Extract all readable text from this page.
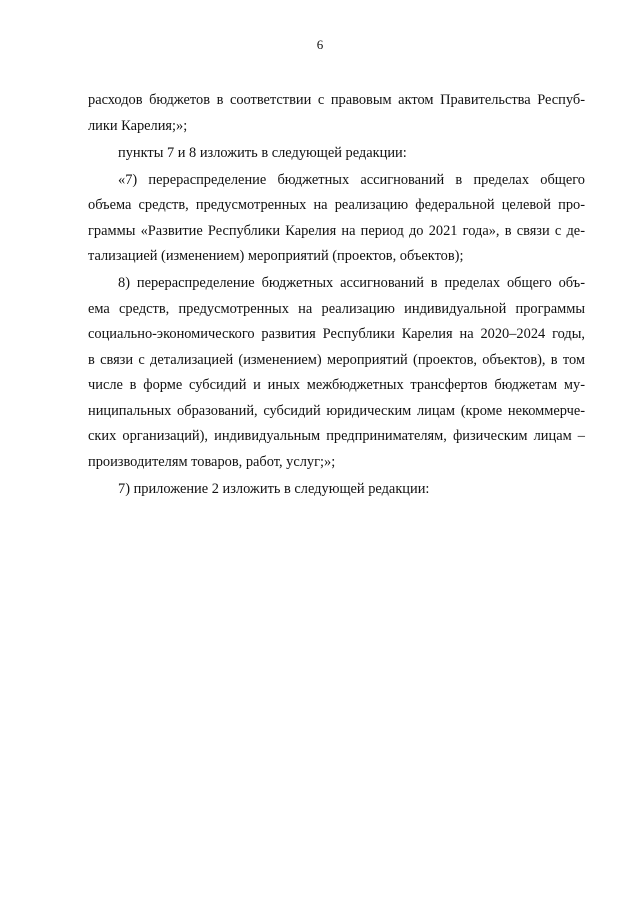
6
расходов бюджетов в соответствии с правовым актом Правительства Респуб-
лики Карелия;»;
пункты 7 и 8 изложить в следующей редакции:
«7) перераспределение бюджетных ассигнований в пределах общего
объема средств, предусмотренных на реализацию федеральной целевой про-
граммы «Развитие Республики Карелия на период до 2021 года», в связи с де-
тализацией (изменением) мероприятий (проектов, объектов);
8) перераспределение бюджетных ассигнований в пределах общего объ-
ема средств, предусмотренных на реализацию индивидуальной программы
социально-экономического развития Республики Карелия на 2020–2024 годы,
в связи с детализацией (изменением) мероприятий (проектов, объектов), в том
числе в форме субсидий и иных межбюджетных трансфертов бюджетам му-
ниципальных образований, субсидий юридическим лицам (кроме некоммерче-
ских организаций), индивидуальным предпринимателям, физическим лицам –
производителям товаров, работ, услуг;»;
7) приложение 2 изложить в следующей редакции:
